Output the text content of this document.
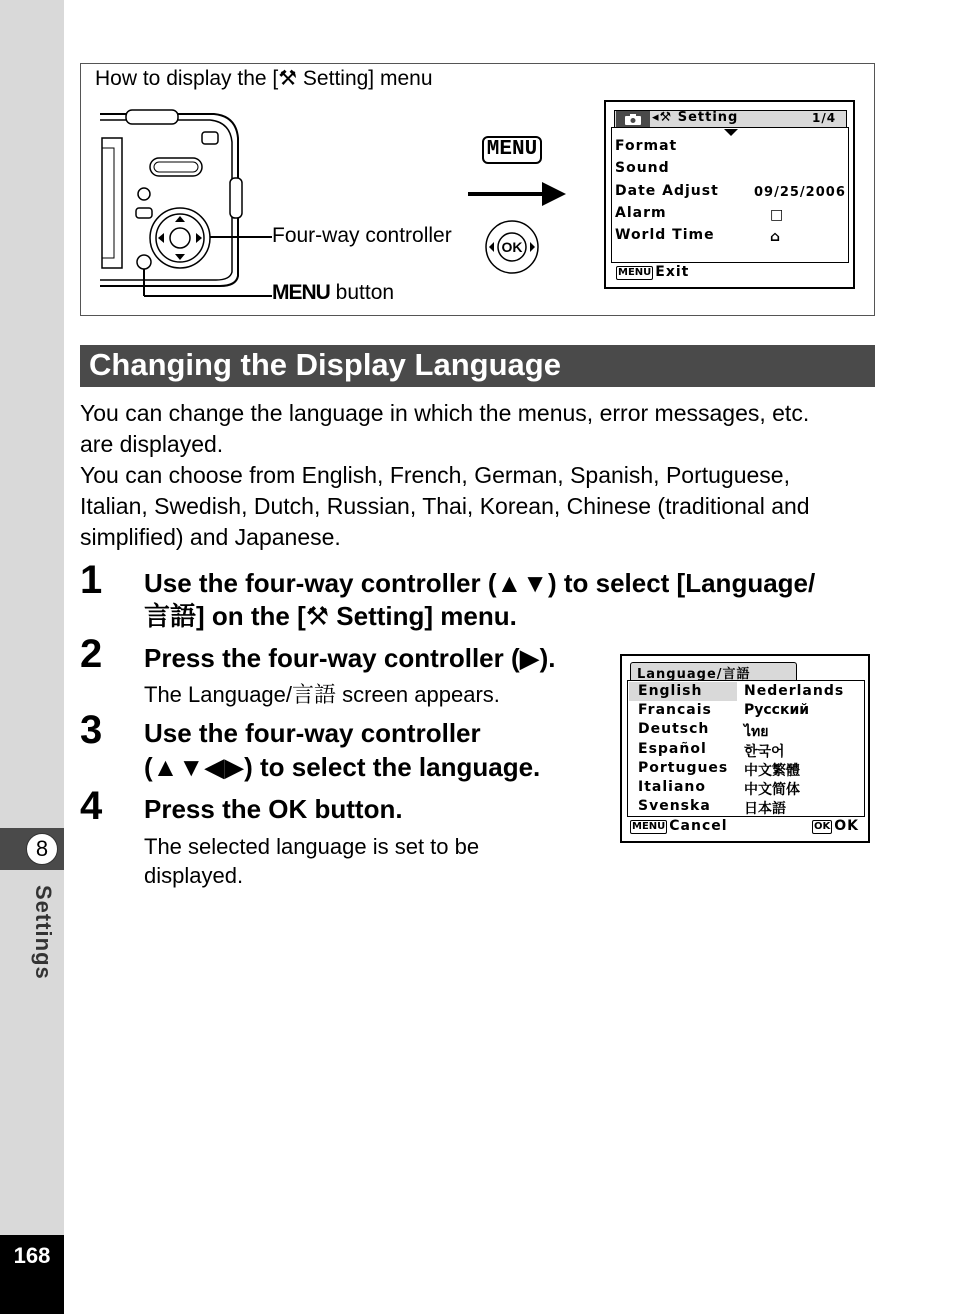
8
Settings
168
How to display the [⚒ Setting] menu
Four-way controller
MENU button
MENU
OK
◂⚒ Setting	1/4
MENU Exit
Format
Sound
Date Adjust	09/25/2006
Alarm	□
World Time	⌂
Changing the Display Language
You can change the language in which the menus, error messages, etc.
are displayed.
You can choose from English, French, German, Spanish, Portuguese,
Italian, Swedish, Dutch, Russian, Thai, Korean, Chinese (traditional and
simplified) and Japanese.
1 Use the four-way controller (▲▼) to select [Language/
言語] on the [⚒ Setting] menu.
2 Press the four-way controller (▶).
The Language/言語 screen appears.
3 Use the four-way controller
(▲▼◀▶) to select the language.
4 Press the OK button.
The selected language is set to be
displayed.
Language/言語
MENU Cancel	OK OK
English
Francais
Deutsch
Español
Portugues
Italiano
Svenska
Nederlands
Русский
ไทย
한국어
中文繁體
中文简体
日本語
